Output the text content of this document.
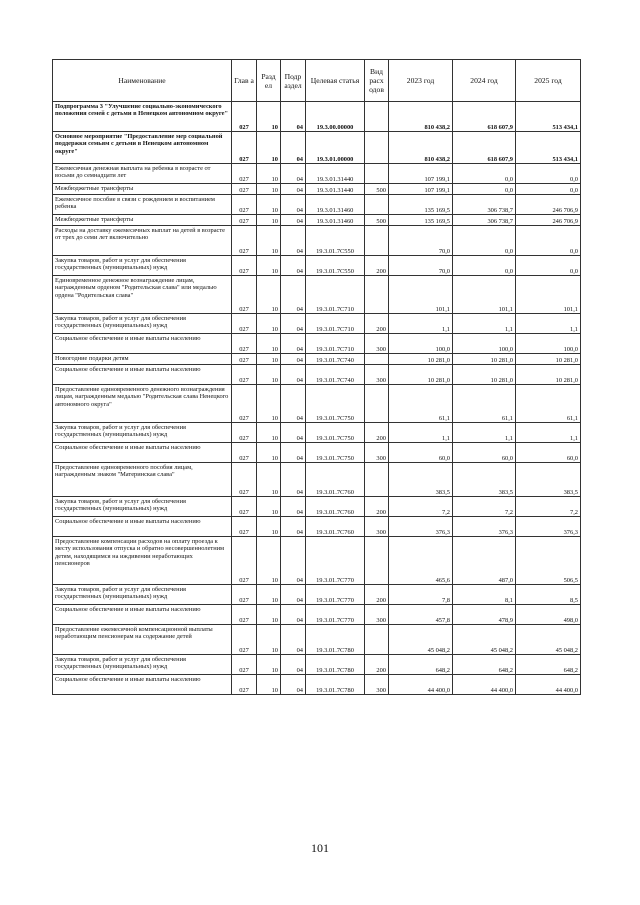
Наименование	Глав а	Разд ел	Подр аздел	Целевая статья	Вид расх одов	2023 год	2024 год	2025 год
Подпрограмма 3 "Улучшение социально-экономического положения семей с детьми в Ненецком автономном округе"	027	10	04	19.3.00.00000		810 438,2	618 607,9	513 434,1
Основное мероприятие "Предоставление мер социальной поддержки семьям с детьми в Ненецком автономном округе"	027	10	04	19.3.01.00000		810 438,2	618 607,9	513 434,1
Ежемесячная денежная выплата на ребенка в возрасте от восьми до семнадцати лет	027	10	04	19.3.01.31440		107 199,1	0,0	0,0
Межбюджетные трансферты	027	10	04	19.3.01.31440	500	107 199,1	0,0	0,0
Ежемесячное пособие в связи с рождением и воспитанием ребенка	027	10	04	19.3.01.31460		135 169,5	306 738,7	246 706,9
Межбюджетные трансферты	027	10	04	19.3.01.31460	500	135 169,5	306 738,7	246 706,9
Расходы на доставку ежемесячных выплат на детей в возрасте от трех до семи лет включительно	027	10	04	19.3.01.7C550		70,0	0,0	0,0
Закупка товаров, работ и услуг для обеспечения государственных (муниципальных) нужд	027	10	04	19.3.01.7C550	200	70,0	0,0	0,0
Единовременное денежное вознаграждение лицам, награжденным орденом "Родительская слава" или медалью ордена "Родительская слава"	027	10	04	19.3.01.7C710		101,1	101,1	101,1
Закупка товаров, работ и услуг для обеспечения государственных (муниципальных) нужд	027	10	04	19.3.01.7C710	200	1,1	1,1	1,1
Социальное обеспечение и иные выплаты населению	027	10	04	19.3.01.7C710	300	100,0	100,0	100,0
Новогодние подарки детям	027	10	04	19.3.01.7C740		10 281,0	10 281,0	10 281,0
Социальное обеспечение и иные выплаты населению	027	10	04	19.3.01.7C740	300	10 281,0	10 281,0	10 281,0
Предоставление единовременного денежного вознаграждения лицам, награжденным медалью "Родительская слава Ненецкого автономного округа"	027	10	04	19.3.01.7C750		61,1	61,1	61,1
Закупка товаров, работ и услуг для обеспечения государственных (муниципальных) нужд	027	10	04	19.3.01.7C750	200	1,1	1,1	1,1
Социальное обеспечение и иные выплаты населению	027	10	04	19.3.01.7C750	300	60,0	60,0	60,0
Предоставление единовременного пособия лицам, награжденным знаком "Материнская слава"	027	10	04	19.3.01.7C760		383,5	383,5	383,5
Закупка товаров, работ и услуг для обеспечения государственных (муниципальных) нужд	027	10	04	19.3.01.7C760	200	7,2	7,2	7,2
Социальное обеспечение и иные выплаты населению	027	10	04	19.3.01.7C760	300	376,3	376,3	376,3
Предоставление компенсации расходов на оплату проезда к месту использования отпуска и обратно несовершеннолетним детям, находящимся на иждивении неработающих пенсионеров	027	10	04	19.3.01.7C770		465,6	487,0	506,5
Закупка товаров, работ и услуг для обеспечения государственных (муниципальных) нужд	027	10	04	19.3.01.7C770	200	7,8	8,1	8,5
Социальное обеспечение и иные выплаты населению	027	10	04	19.3.01.7C770	300	457,8	478,9	498,0
Предоставление ежемесячной компенсационной выплаты неработающим пенсионерам на содержание детей	027	10	04	19.3.01.7C780		45 048,2	45 048,2	45 048,2
Закупка товаров, работ и услуг для обеспечения государственных (муниципальных) нужд	027	10	04	19.3.01.7C780	200	648,2	648,2	648,2
Социальное обеспечение и иные выплаты населению	027	10	04	19.3.01.7C780	300	44 400,0	44 400,0	44 400,0
101
